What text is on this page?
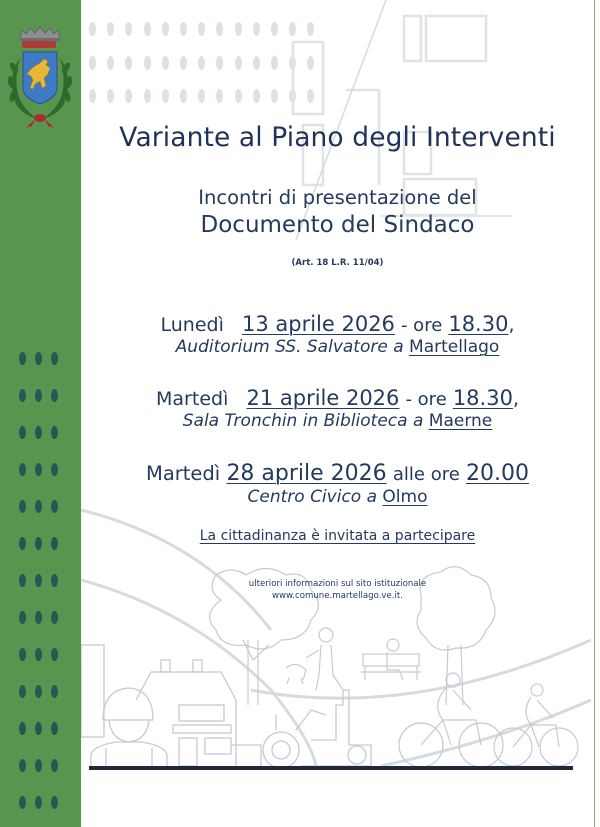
Variante al Piano degli Interventi
Incontri di presentazione del
Documento del Sindaco
(Art. 18 L.R. 11/04)
Lunedì 13 aprile 2026 - ore 18.30,
Auditorium SS. Salvatore a Martellago
Martedì 21 aprile 2026 - ore 18.30,
Sala Tronchin in Biblioteca a Maerne
Martedì 28 aprile 2026 alle ore 20.00
Centro Civico a Olmo
La cittadinanza è invitata a partecipare
ulteriori informazioni sul sito istituzionale
www.comune.martellago.ve.it.
